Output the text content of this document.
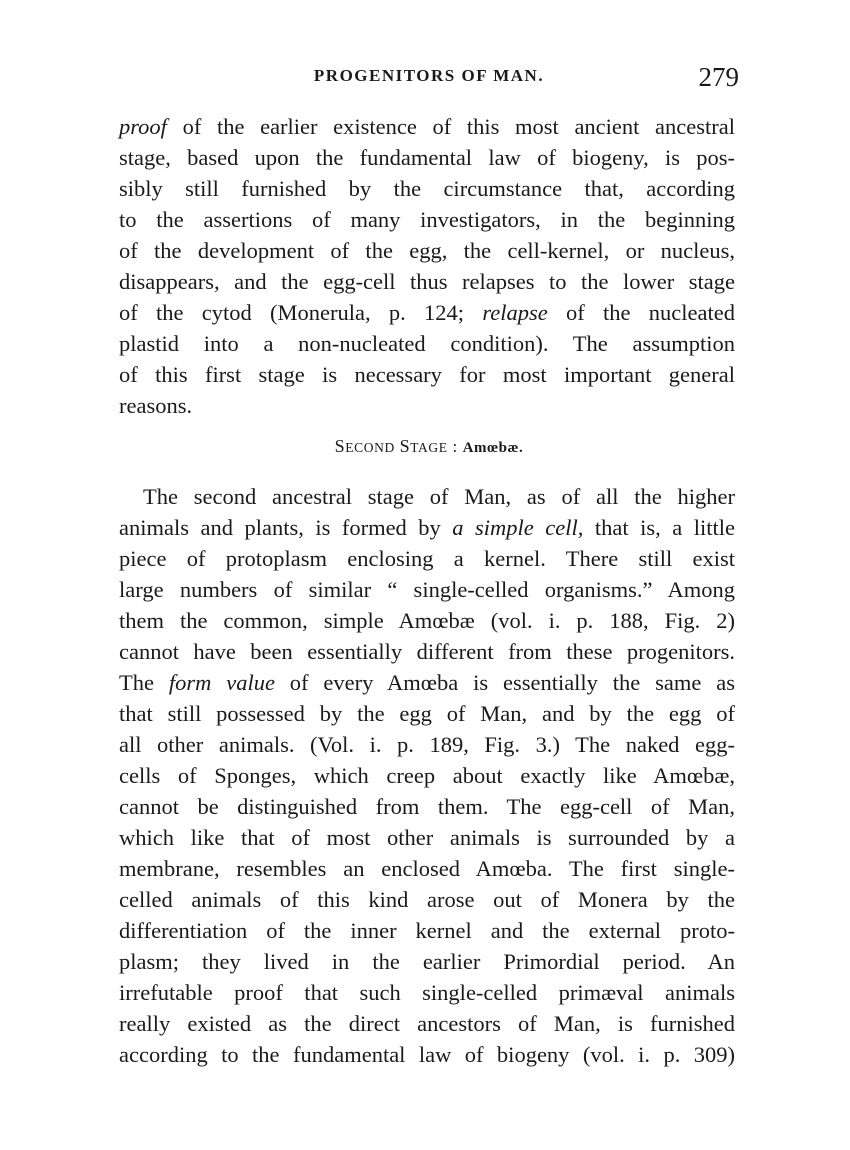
PROGENITORS OF MAN.	279
proof of the earlier existence of this most ancient ancestral
stage, based upon the fundamental law of biogeny, is pos-
sibly still furnished by the circumstance that, according
to the assertions of many investigators, in the beginning
of the development of the egg, the cell-kernel, or nucleus,
disappears, and the egg-cell thus relapses to the lower stage
of the cytod (Monerula, p. 124; relapse of the nucleated
plastid into a non-nucleated condition). The assumption
of this first stage is necessary for most important general
reasons.
SECOND STAGE : Amœbæ.
The second ancestral stage of Man, as of all the higher
animals and plants, is formed by a simple cell, that is, a little
piece of protoplasm enclosing a kernel. There still exist
large numbers of similar “ single-celled organisms.” Among
them the common, simple Amœbæ (vol. i. p. 188, Fig. 2)
cannot have been essentially different from these progenitors.
The form value of every Amœba is essentially the same as
that still possessed by the egg of Man, and by the egg of
all other animals. (Vol. i. p. 189, Fig. 3.) The naked egg-
cells of Sponges, which creep about exactly like Amœbæ,
cannot be distinguished from them. The egg-cell of Man,
which like that of most other animals is surrounded by a
membrane, resembles an enclosed Amœba. The first single-
celled animals of this kind arose out of Monera by the
differentiation of the inner kernel and the external proto-
plasm; they lived in the earlier Primordial period. An
irrefutable proof that such single-celled primæval animals
really existed as the direct ancestors of Man, is furnished
according to the fundamental law of biogeny (vol. i. p. 309)
